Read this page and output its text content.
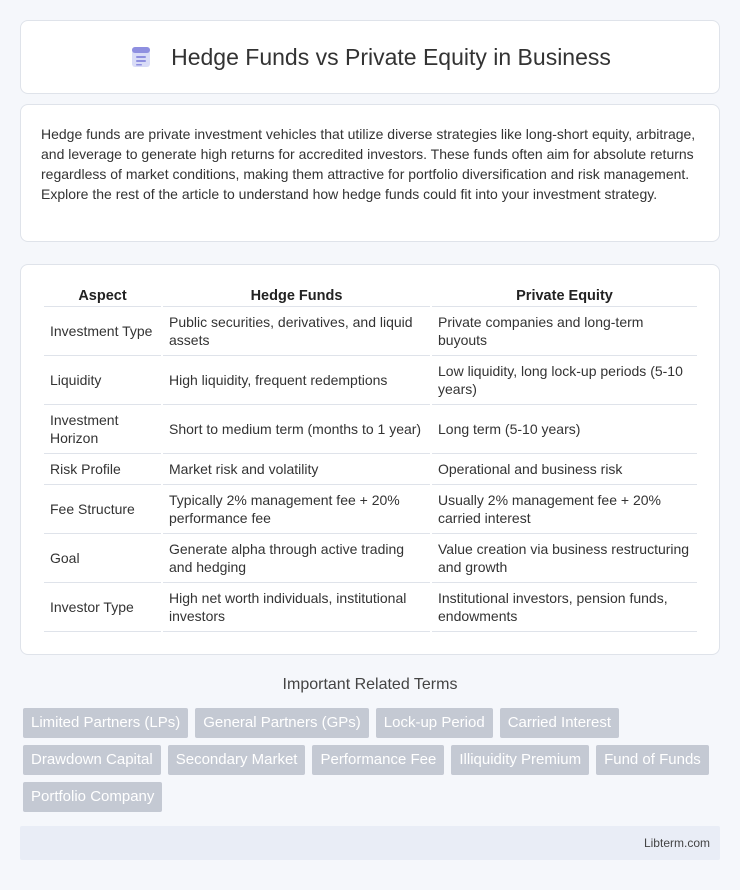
Hedge Funds vs Private Equity in Business

Hedge funds are private investment vehicles that utilize diverse strategies like long-short equity, arbitrage, and leverage to generate high returns for accredited investors. These funds often aim for absolute returns regardless of market conditions, making them attractive for portfolio diversification and risk management. Explore the rest of the article to understand how hedge funds could fit into your investment strategy.

Aspect	Hedge Funds	Private Equity
Investment Type	Public securities, derivatives, and liquid assets	Private companies and long-term buyouts
Liquidity	High liquidity, frequent redemptions	Low liquidity, long lock-up periods (5-10 years)
Investment Horizon	Short to medium term (months to 1 year)	Long term (5-10 years)
Risk Profile	Market risk and volatility	Operational and business risk
Fee Structure	Typically 2% management fee + 20% performance fee	Usually 2% management fee + 20% carried interest
Goal	Generate alpha through active trading and hedging	Value creation via business restructuring and growth
Investor Type	High net worth individuals, institutional investors	Institutional investors, pension funds, endowments
Important Related Terms
Limited Partners (LPs)	General Partners (GPs)	Lock-up Period	Carried Interest
Drawdown Capital	Secondary Market	Performance Fee	Illiquidity Premium	Fund of Funds
Portfolio Company
Libterm.com
